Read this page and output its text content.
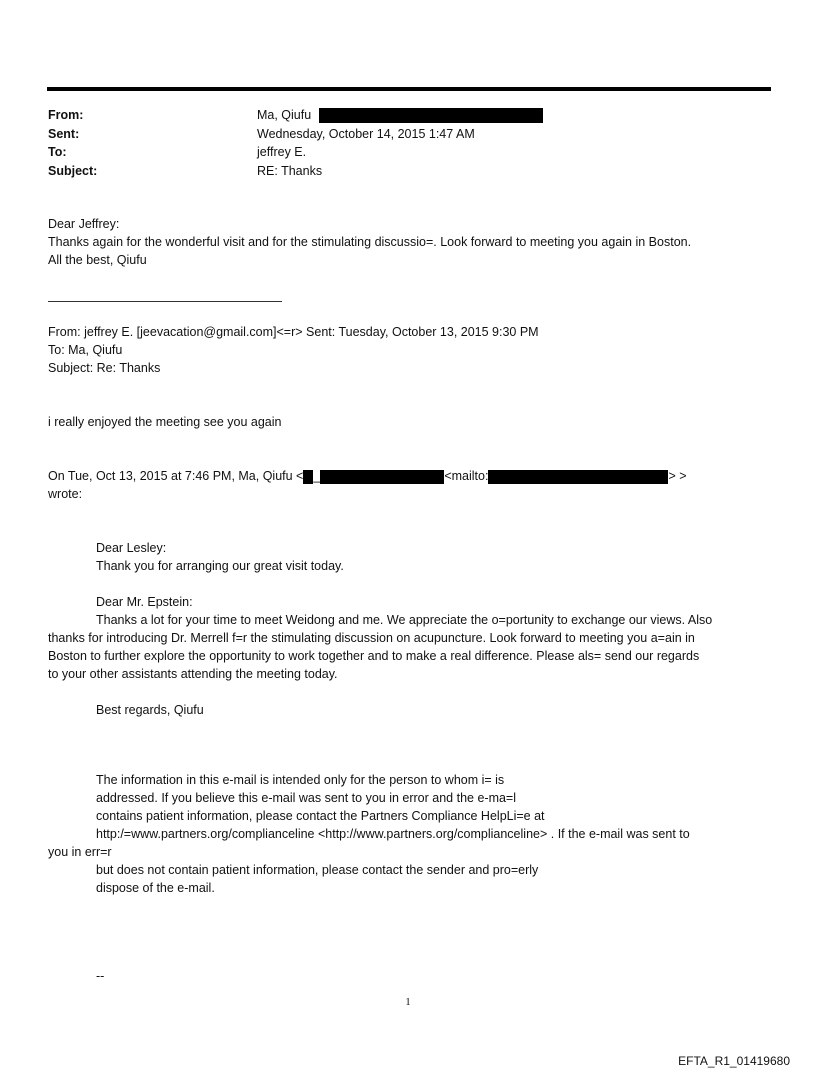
From:	Ma, Qiufu
Sent:	Wednesday, October 14, 2015 1:47 AM
To:	jeffrey E.
Subject:	RE: Thanks
Dear Jeffrey:
Thanks again for the wonderful visit and for the stimulating discussio=. Look forward to meeting you again in Boston.
All the best, Qiufu
From: jeffrey E. [jeevacation@gmail.com]<=r> Sent: Tuesday, October 13, 2015 9:30 PM
To: Ma, Qiufu
Subject: Re: Thanks
i really enjoyed the meeting see you again
On Tue, Oct 13, 2015 at 7:46 PM, Ma, Qiufu < _	<mailto:	> >
wrote:
Dear Lesley:
Thank you for arranging our great visit today.
Dear Mr. Epstein:
Thanks a lot for your time to meet Weidong and me. We appreciate the o=portunity to exchange our views. Also
thanks for introducing Dr. Merrell f=r the stimulating discussion on acupuncture. Look forward to meeting you a=ain in
Boston to further explore the opportunity to work together and to make a real difference. Please als= send our regards
to your other assistants attending the meeting today.
Best regards, Qiufu
The information in this e-mail is intended only for the person to whom i= is
addressed. If you believe this e-mail was sent to you in error and the e-ma=l
contains patient information, please contact the Partners Compliance HelpLi=e at
http:/=www.partners.org/complianceline <http://www.partners.org/complianceline> . If the e-mail was sent to
you in err=r
but does not contain patient information, please contact the sender and pro=erly
dispose of the e-mail.
--
1
EFTA_R1_01419680
